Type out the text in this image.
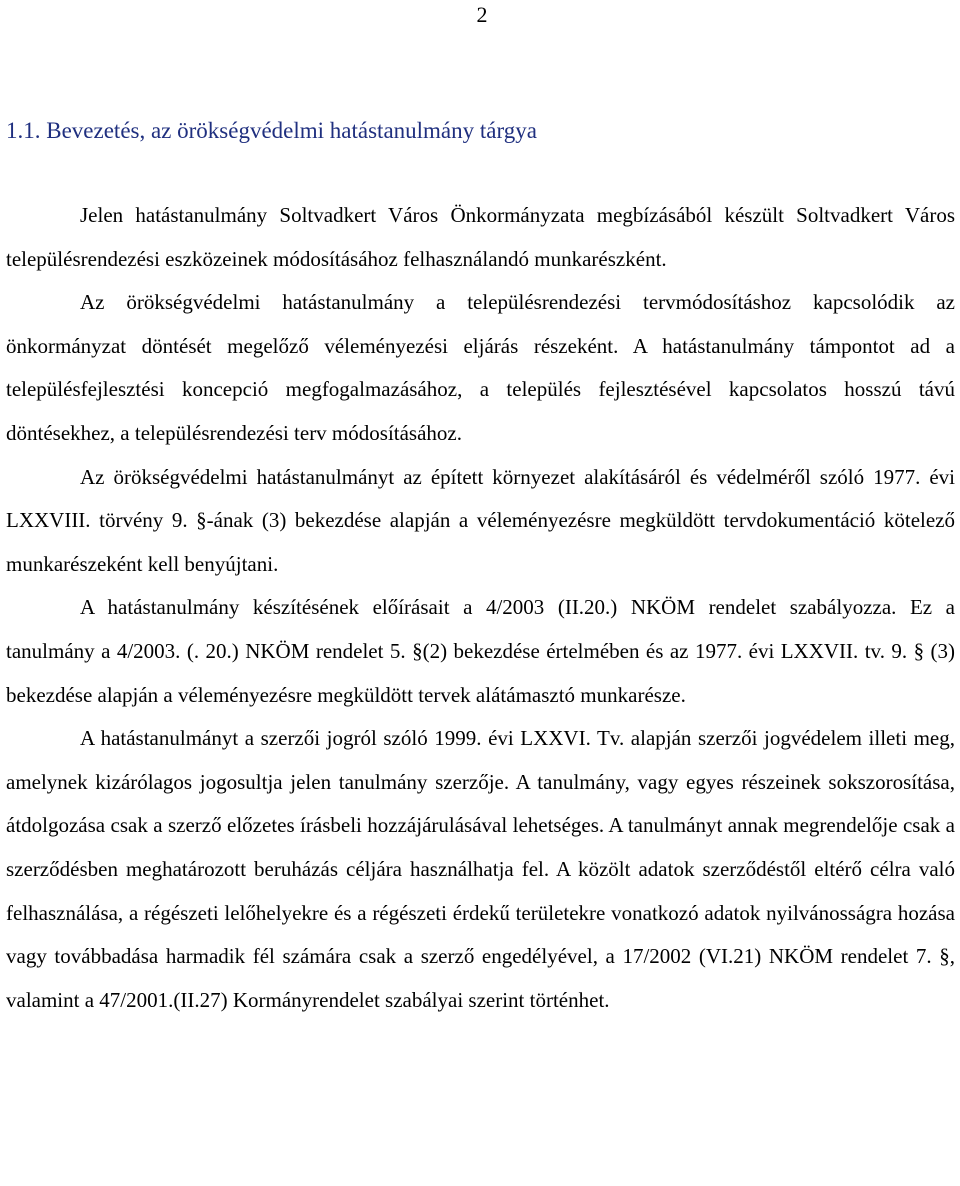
2
1.1. Bevezetés, az örökségvédelmi hatástanulmány tárgya

Jelen hatástanulmány Soltvadkert Város Önkormányzata megbízásából készült Soltvadkert Város településrendezési eszközeinek módosításához felhasználandó munkarészként.

Az örökségvédelmi hatástanulmány a településrendezési tervmódosításhoz kapcsolódik az önkormányzat döntését megelőző véleményezési eljárás részeként. A hatástanulmány támpontot ad a településfejlesztési koncepció megfogalmazásához, a település fejlesztésével kapcsolatos hosszú távú döntésekhez, a településrendezési terv módosításához.

Az örökségvédelmi hatástanulmányt az épített környezet alakításáról és védelméről szóló 1977. évi LXXVIII. törvény 9. §-ának (3) bekezdése alapján a véleményezésre megküldött tervdokumentáció kötelező munkarészeként kell benyújtani.

A hatástanulmány készítésének előírásait a 4/2003 (II.20.) NKÖM rendelet szabályozza. Ez a tanulmány a 4/2003. (. 20.) NKÖM rendelet 5. §(2) bekezdése értelmében és az 1977. évi LXXVII. tv. 9. § (3) bekezdése alapján a véleményezésre megküldött tervek alátámasztó munkarésze.

A hatástanulmányt a szerzői jogról szóló 1999. évi LXXVI. Tv. alapján szerzői jogvédelem illeti meg, amelynek kizárólagos jogosultja jelen tanulmány szerzője. A tanulmány, vagy egyes részeinek sokszorosítása, átdolgozása csak a szerző előzetes írásbeli hozzájárulásával lehetséges. A tanulmányt annak megrendelője csak a szerződésben meghatározott beruházás céljára használhatja fel. A közölt adatok szerződéstől eltérő célra való felhasználása, a régészeti lelőhelyekre és a régészeti érdekű területekre vonatkozó adatok nyilvánosságra hozása vagy továbbadása harmadik fél számára csak a szerző engedélyével, a 17/2002 (VI.21) NKÖM rendelet 7. §, valamint a 47/2001.(II.27) Kormányrendelet szabályai szerint történhet.
